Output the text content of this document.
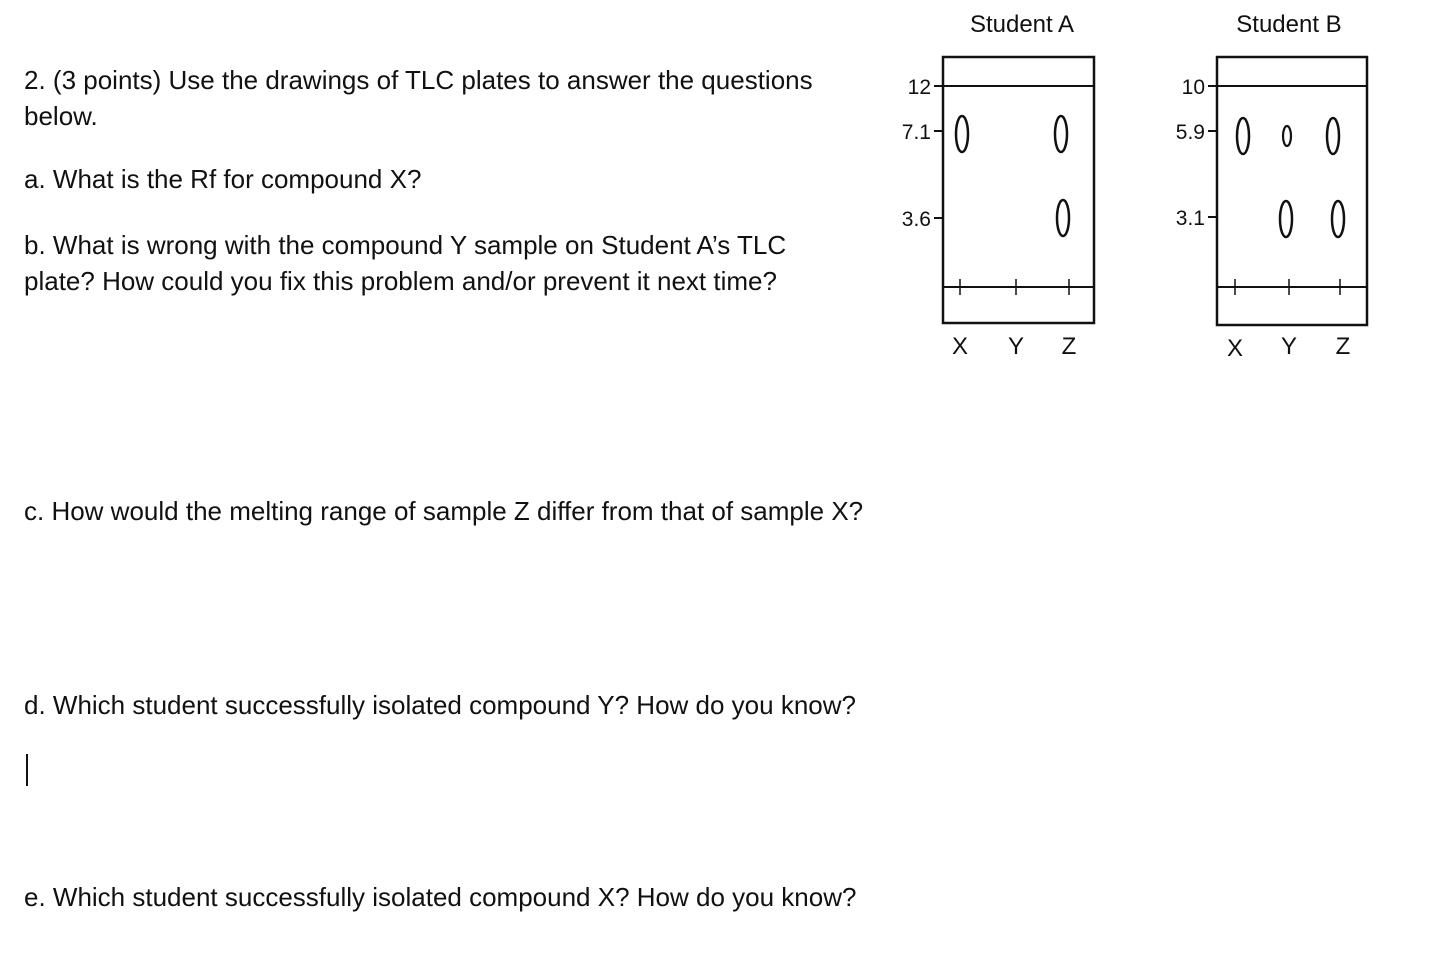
2. (3 points) Use the drawings of TLC plates to answer the questions below.

a. What is the Rf for compound X?

b. What is wrong with the compound Y sample on Student A’s TLC plate? How could you fix this problem and/or prevent it next time?

c. How would the melting range of sample Z differ from that of sample X?

d. Which student successfully isolated compound Y? How do you know?

e. Which student successfully isolated compound X? How do you know?

Student A
12
7.1
3.6
X Y Z
Student B
10
5.9
3.1
X Y Z
